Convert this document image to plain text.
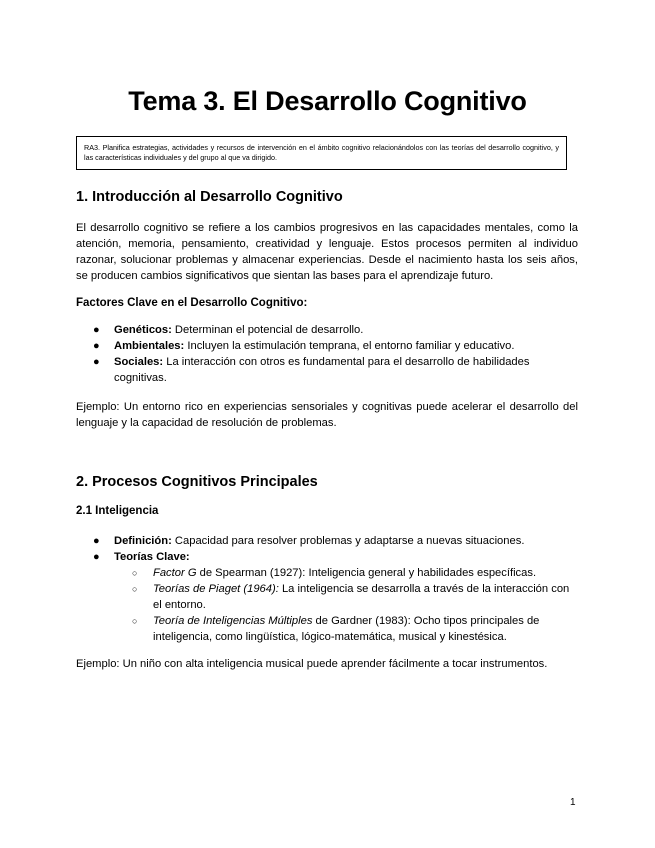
Tema 3. El Desarrollo Cognitivo
RA3. Planifica estrategias, actividades y recursos de intervención en el ámbito cognitivo relacionándolos con las teorías del desarrollo cognitivo, y las características individuales y del grupo al que va dirigido.
1. Introducción al Desarrollo Cognitivo

El desarrollo cognitivo se refiere a los cambios progresivos en las capacidades mentales, como la atención, memoria, pensamiento, creatividad y lenguaje. Estos procesos permiten al individuo razonar, solucionar problemas y almacenar experiencias. Desde el nacimiento hasta los seis años, se producen cambios significativos que sientan las bases para el aprendizaje futuro.

Factores Clave en el Desarrollo Cognitivo:
● Genéticos: Determinan el potencial de desarrollo.
● Ambientales: Incluyen la estimulación temprana, el entorno familiar y educativo.
● Sociales: La interacción con otros es fundamental para el desarrollo de habilidades cognitivas.

Ejemplo: Un entorno rico en experiencias sensoriales y cognitivas puede acelerar el desarrollo del lenguaje y la capacidad de resolución de problemas.

2. Procesos Cognitivos Principales
2.1 Inteligencia
● Definición: Capacidad para resolver problemas y adaptarse a nuevas situaciones.
● Teorías Clave:
○ Factor G de Spearman (1927): Inteligencia general y habilidades específicas.
○ Teorías de Piaget (1964): La inteligencia se desarrolla a través de la interacción con el entorno.
○ Teoría de Inteligencias Múltiples de Gardner (1983): Ocho tipos principales de inteligencia, como lingüística, lógico-matemática, musical y kinestésica.

Ejemplo: Un niño con alta inteligencia musical puede aprender fácilmente a tocar instrumentos.

1
